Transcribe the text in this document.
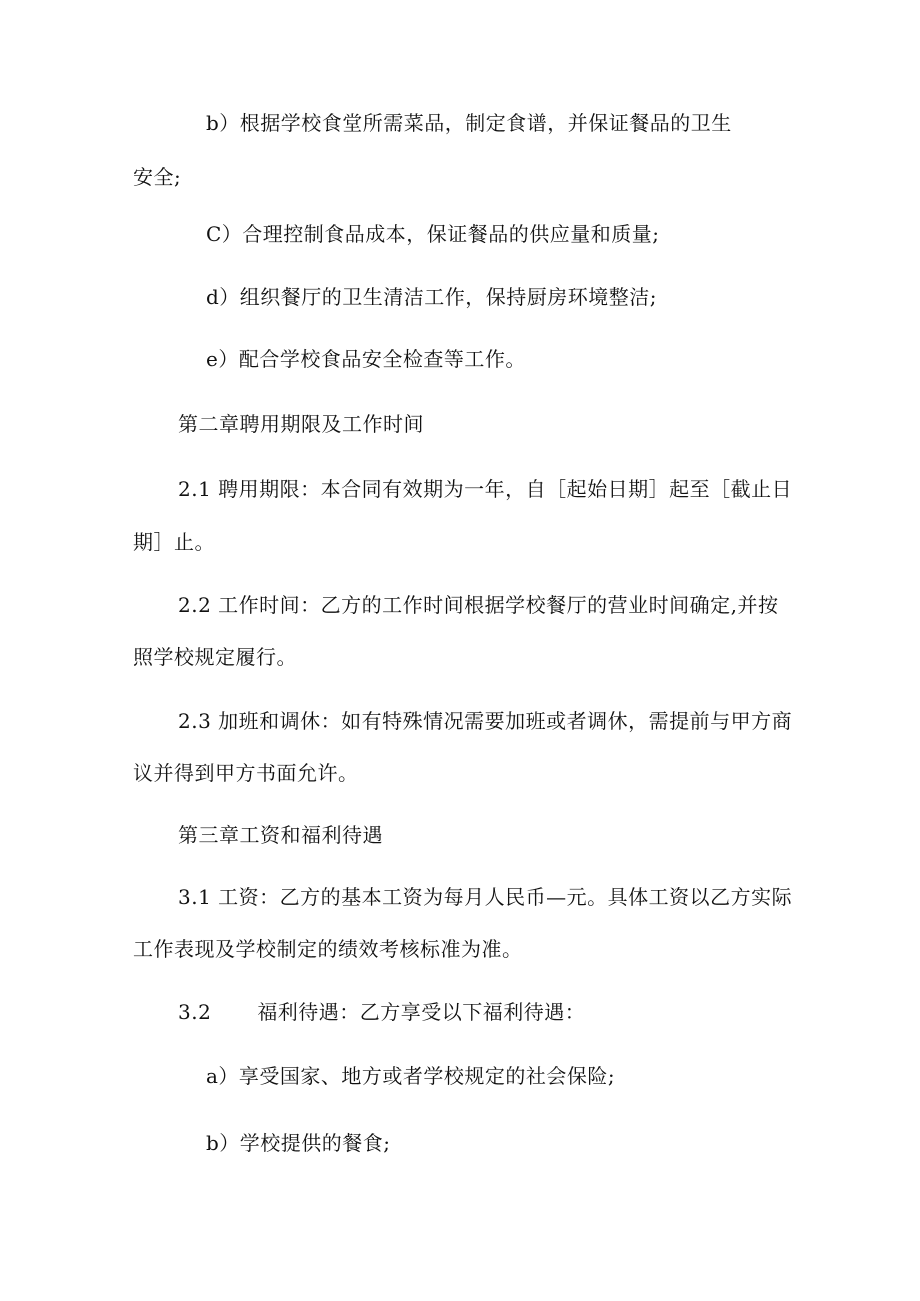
b）根据学校食堂所需菜品，制定食谱，并保证餐品的卫生
安全;
C）合理控制食品成本，保证餐品的供应量和质量;
d）组织餐厅的卫生清洁工作，保持厨房环境整洁;
e）配合学校食品安全检查等工作。
第二章聘用期限及工作时间
2.1 聘用期限：本合同有效期为一年，自［起始日期］起至［截止日
期］止。
2.2 工作时间：乙方的工作时间根据学校餐厅的营业时间确定,并按
照学校规定履行。
2.3 加班和调休：如有特殊情况需要加班或者调休，需提前与甲方商
议并得到甲方书面允许。
第三章工资和福利待遇
3.1 工资：乙方的基本工资为每月人民币—元。具体工资以乙方实际
工作表现及学校制定的绩效考核标准为准。
3.2 福利待遇：乙方享受以下福利待遇：
a）享受国家、地方或者学校规定的社会保险;
b）学校提供的餐食;
